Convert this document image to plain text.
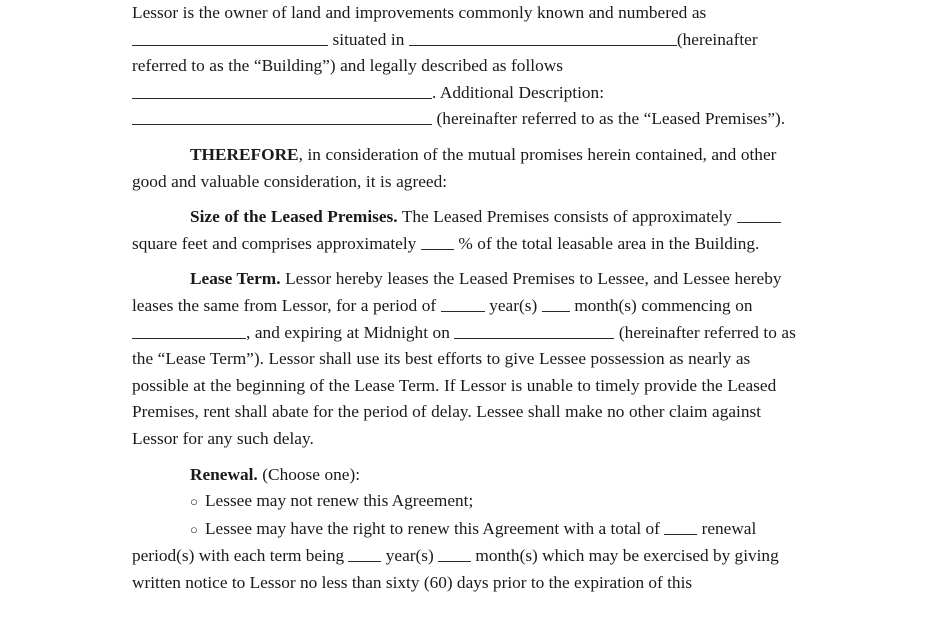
Lessor is the owner of land and improvements commonly known and numbered as  situated in	(hereinafter referred to as the “Building”) and legally described as follows . Additional Description:  (hereinafter referred to as the “Leased Premises”).

THEREFORE, in consideration of the mutual promises herein contained, and other good and valuable consideration, it is agreed:

Size of the Leased Premises. The Leased Premises consists of approximately  square feet and comprises approximately % of the total leasable area in the Building.

Lease Term. Lessor hereby leases the Leased Premises to Lessee, and Lessee hereby leases the same from Lessor, for a period of	year(s) month(s) commencing on , and expiring at Midnight on	(hereinafter referred to as the “Lease Term”). Lessor shall use its best efforts to give Lessee possession as nearly as possible at the beginning of the Lease Term. If Lessor is unable to timely provide the Leased Premises, rent shall abate for the period of delay. Lessee shall make no other claim against Lessor for any such delay.

Renewal. (Choose one):

○ Lessee may not renew this Agreement;

○ Lessee may have the right to renew this Agreement with a total of renewal period(s) with each term being year(s) month(s) which may be exercised by giving written notice to Lessor no less than sixty (60) days prior to the expiration of this
